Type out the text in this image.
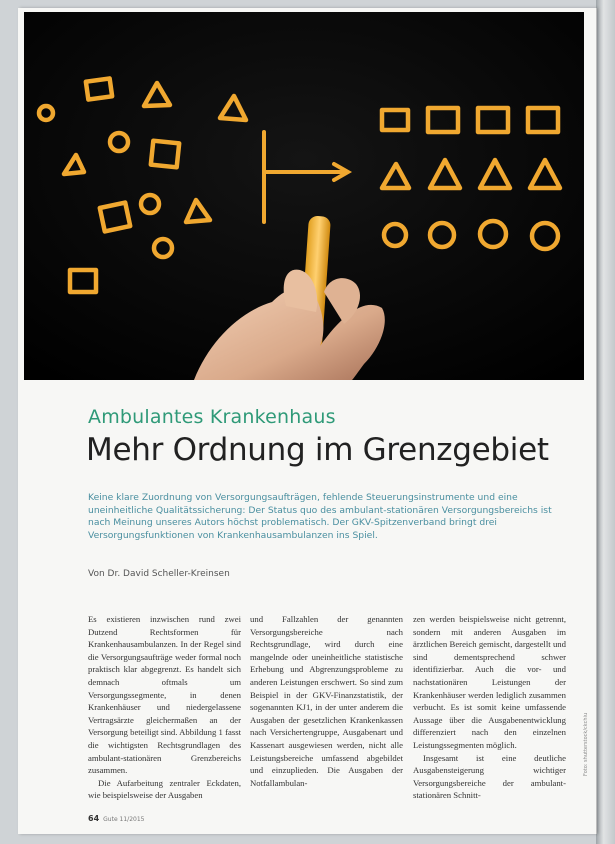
Ambulantes Krankenhaus
Mehr Ordnung im Grenzgebiet
Keine klare Zuordnung von Versorgungsaufträgen, fehlende Steuerungsinstrumente und eine uneinheitliche Qualitätssicherung: Der Status quo des ambulant-stationären Versorgungsbereichs ist nach Meinung unseres Autors höchst problematisch. Der GKV-Spitzenverband bringt drei Versorgungsfunktionen von Krankenhausambulanzen ins Spiel.
Von Dr. David Scheller-Kreinsen

Es existieren inzwischen rund zwei Dutzend Rechtsformen für Krankenhausambulanzen. In der Regel sind die Versorgungsaufträge weder formal noch praktisch klar abgegrenzt. Es handelt sich demnach oftmals um Versorgungssegmente, in denen Krankenhäuser und niedergelassene Vertragsärzte gleichermaßen an der Versorgung beteiligt sind. Abbildung 1 fasst die wichtigsten Rechtsgrundlagen des ambulant-stationären Grenzbereichs zusammen.

Die Aufarbeitung zentraler Eckdaten, wie beispielsweise der Ausgaben

und Fallzahlen der genannten Versorgungsbereiche nach Rechtsgrundlage, wird durch eine mangelnde oder uneinheitliche statistische Erhebung und Abgrenzungsprobleme zu anderen Leistungen erschwert. So sind zum Beispiel in der GKV-Finanzstatistik, der sogenannten KJ1, in der unter anderem die Ausgaben der gesetzlichen Krankenkassen nach Versichertengruppe, Ausgabenart und Kassenart ausgewiesen werden, nicht alle Leistungsbereiche umfassend abgebildet und einzuplieden. Die Ausgaben der Notfallambulan-

zen werden beispielsweise nicht getrennt, sondern mit anderen Ausgaben im ärztlichen Bereich gemischt, dargestellt und sind dementsprechend schwer identifizierbar. Auch die vor- und nachstationären Leistungen der Krankenhäuser werden lediglich zusammen verbucht. Es ist somit keine umfassende Aussage über die Ausgabenentwicklung differenziert nach den einzelnen Leistungssegmenten möglich.

Insgesamt ist eine deutliche Ausgabensteigerung wichtiger Versorgungsbereiche der ambulant-stationären Schnitt-

Foto: shutterstock/ckchiu
64 Gute 11/2015
